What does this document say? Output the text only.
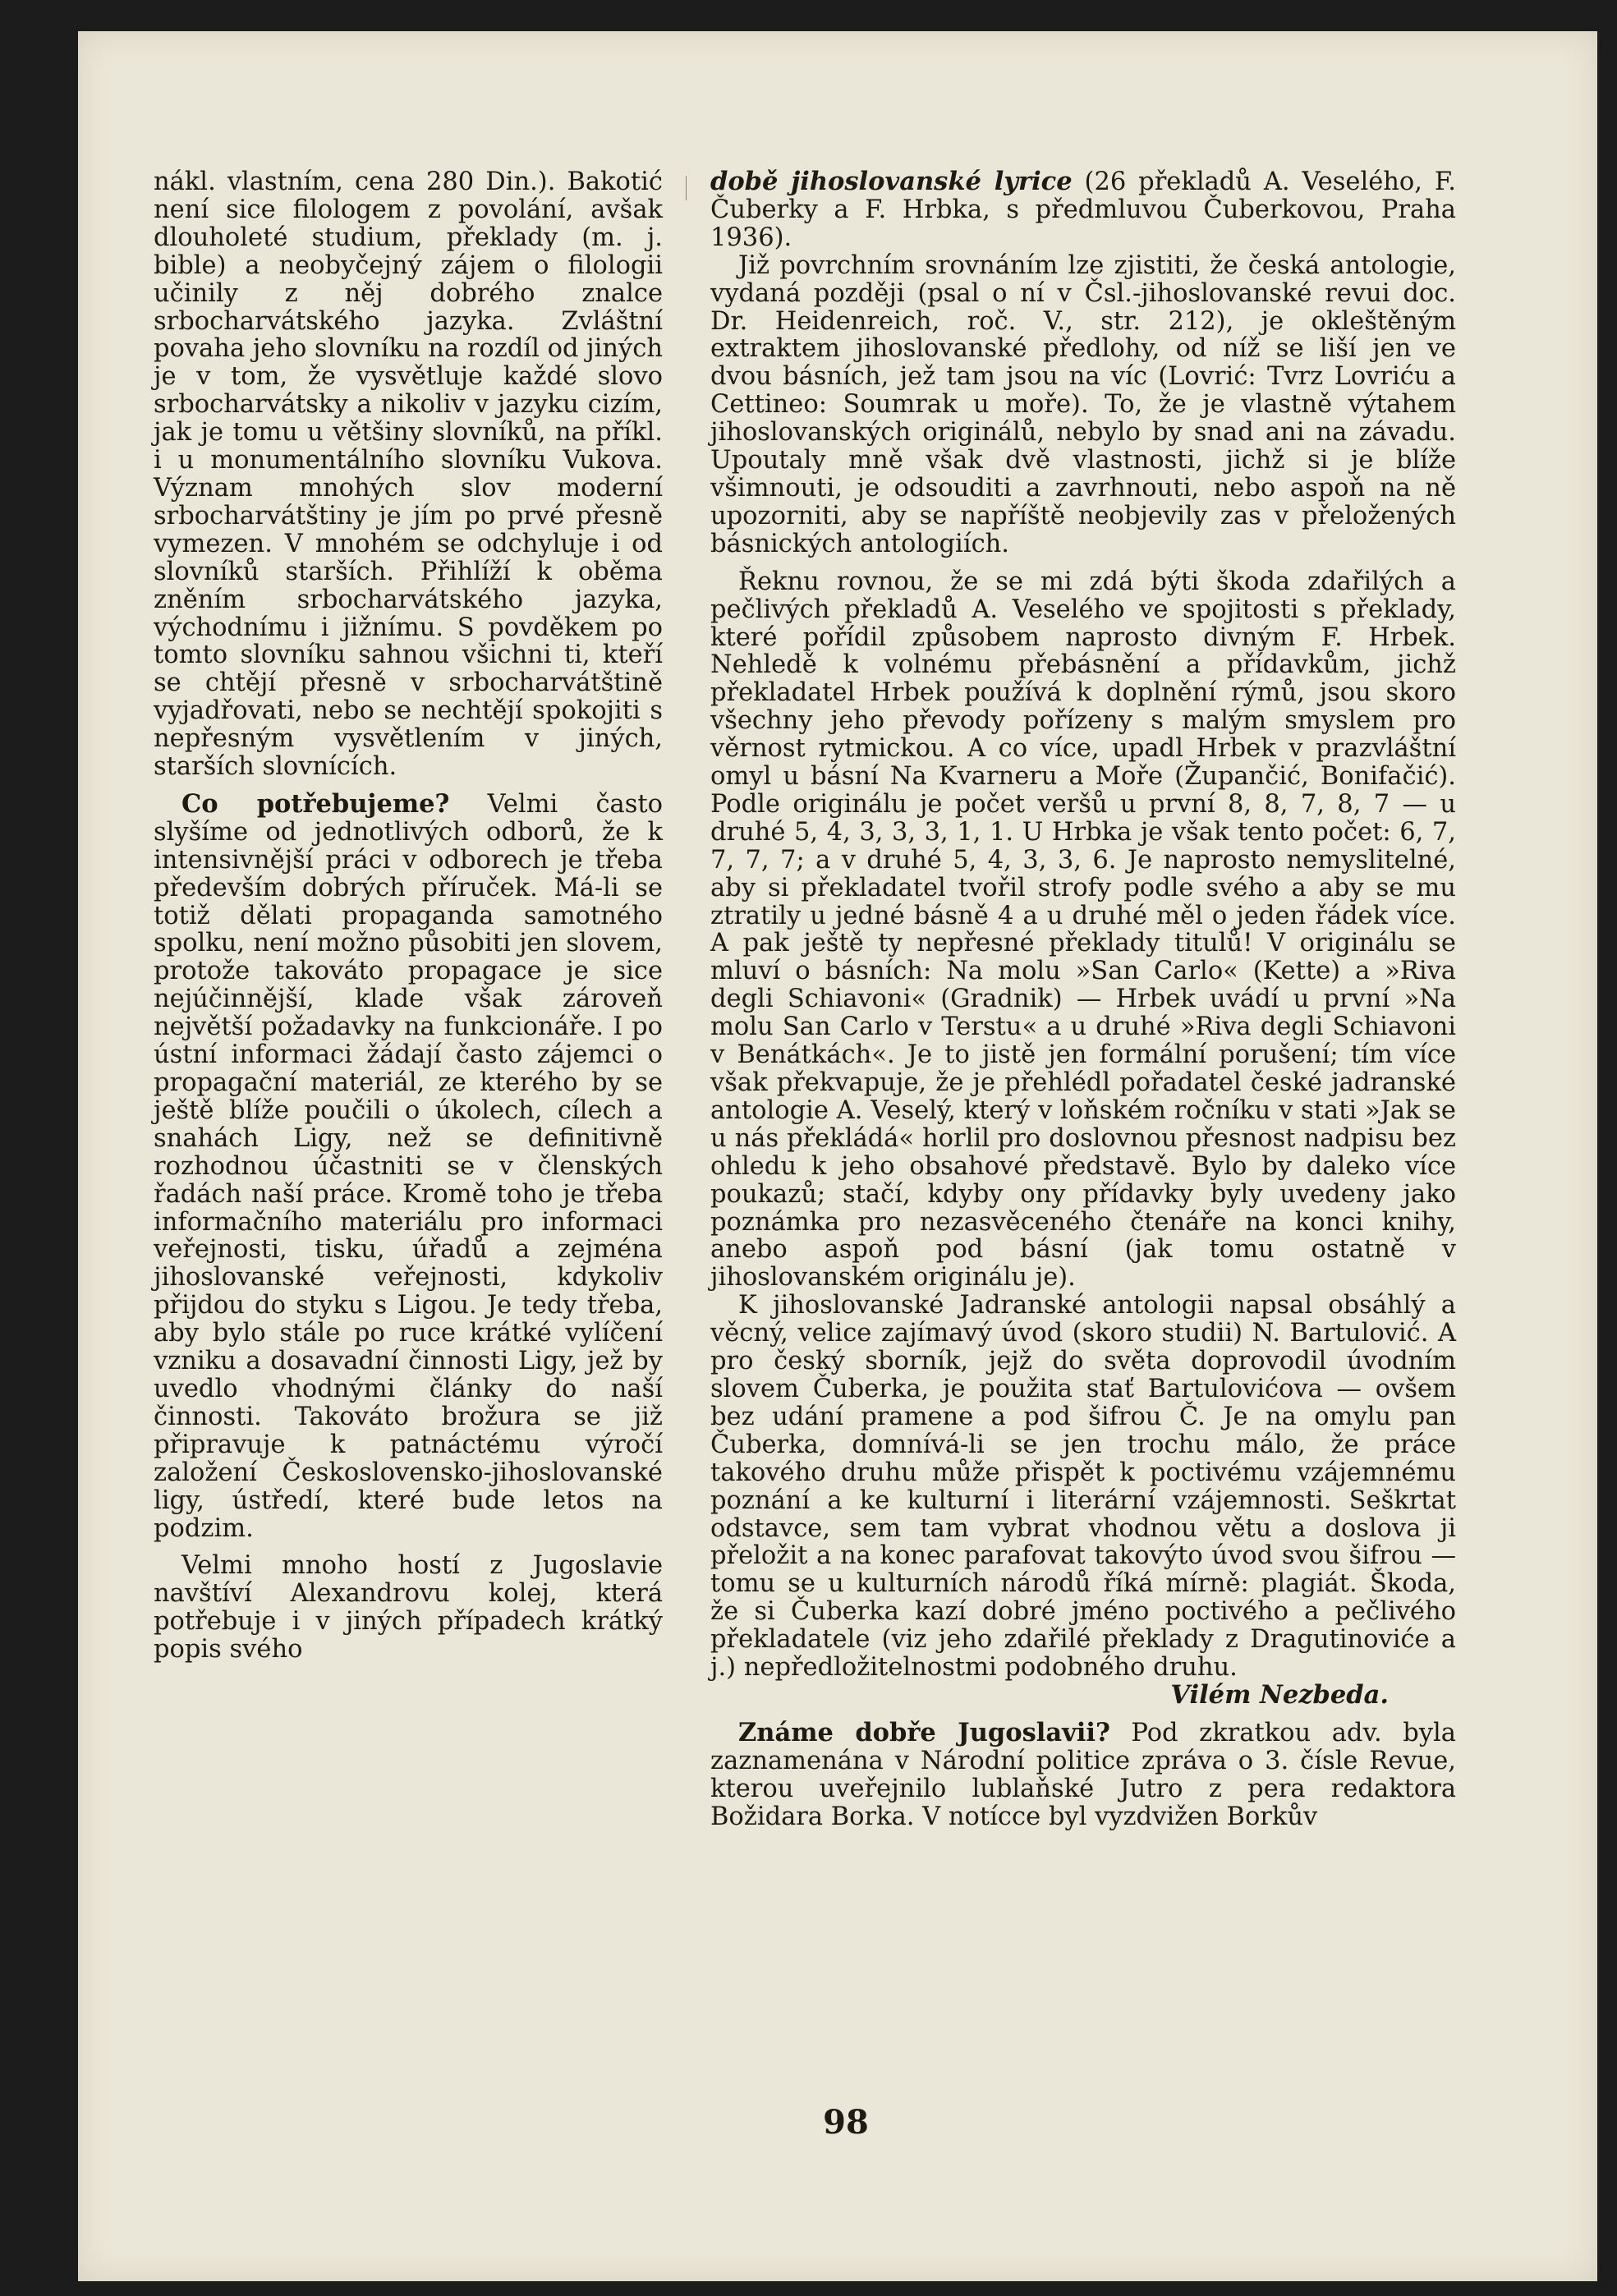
nákl. vlastním, cena 280 Din.). Bakotić není sice filologem z povolání, avšak dlouholeté studium, překlady (m. j. bible) a neobyčejný zájem o filologii učinily z něj dobrého znalce srbocharvátského jazyka. Zvláštní povaha jeho slovníku na rozdíl od jiných je v tom, že vysvětluje každé slovo srbocharvátsky a nikoliv v jazyku cizím, jak je tomu u většiny slovníků, na příkl. i u monumentálního slovníku Vukova. Význam mnohých slov moderní srbocharvátštiny je jím po prvé přesně vymezen. V mnohém se odchyluje i od slovníků starších. Přihlíží k oběma zněním srbocharvátského jazyka, východnímu i jižnímu. S povděkem po tomto slovníku sahnou všichni ti, kteří se chtějí přesně v srbocharvátštině vyjadřovati, nebo se nechtějí spokojiti s nepřesným vysvětlením v jiných, starších slovnících.

Co potřebujeme? Velmi často slyšíme od jednotlivých odborů, že k intensivnější práci v odborech je třeba především dobrých příruček. Má-li se totiž dělati propaganda samotného spolku, není možno působiti jen slovem, protože takováto propagace je sice nejúčinnější, klade však zároveň největší požadavky na funkcionáře. I po ústní informaci žádají často zájemci o propagační materiál, ze kterého by se ještě blíže poučili o úkolech, cílech a snahách Ligy, než se definitivně rozhodnou účastniti se v členských řadách naší práce. Kromě toho je třeba informačního materiálu pro informaci veřejnosti, tisku, úřadů a zejména jihoslovanské veřejnosti, kdykoliv přijdou do styku s Ligou. Je tedy třeba, aby bylo stále po ruce krátké vylíčení vzniku a dosavadní činnosti Ligy, jež by uvedlo vhodnými články do naší činnosti. Takováto brožura se již připravuje k patnáctému výročí založení Československo-jihoslovanské ligy, ústředí, které bude letos na podzim.

Velmi mnoho hostí z Jugoslavie navštíví Alexandrovu kolej, která potřebuje i v jiných případech krátký popis svého

době jihoslovanské lyrice (26 překladů A. Veselého, F. Čuberky a F. Hrbka, s předmluvou Čuberkovou, Praha 1936).

Již povrchním srovnáním lze zjistiti, že česká antologie, vydaná později (psal o ní v Čsl.-jihoslovanské revui doc. Dr. Heidenreich, roč. V., str. 212), je okleštěným extraktem jihoslovanské předlohy, od níž se liší jen ve dvou básních, jež tam jsou na víc (Lovrić: Tvrz Lovriću a Cettineo: Soumrak u moře). To, že je vlastně výtahem jihoslovanských originálů, nebylo by snad ani na závadu. Upoutaly mně však dvě vlastnosti, jichž si je blíže všimnouti, je odsouditi a zavrhnouti, nebo aspoň na ně upozorniti, aby se napříště neobjevily zas v přeložených básnických antologiích.

Řeknu rovnou, že se mi zdá býti škoda zdařilých a pečlivých překladů A. Veselého ve spojitosti s překlady, které pořídil způsobem naprosto divným F. Hrbek. Nehledě k volnému přebásnění a přídavkům, jichž překladatel Hrbek používá k doplnění rýmů, jsou skoro všechny jeho převody pořízeny s malým smyslem pro věrnost rytmickou. A co více, upadl Hrbek v prazvláštní omyl u básní Na Kvarneru a Moře (Župančić, Bonifačić). Podle originálu je počet veršů u první 8, 8, 7, 8, 7 — u druhé 5, 4, 3, 3, 3, 1, 1. U Hrbka je však tento počet: 6, 7, 7, 7, 7; a v druhé 5, 4, 3, 3, 6. Je naprosto nemyslitelné, aby si překladatel tvořil strofy podle svého a aby se mu ztratily u jedné básně 4 a u druhé měl o jeden řádek více. A pak ještě ty nepřesné překlady titulů! V originálu se mluví o básních: Na molu »San Carlo« (Kette) a »Riva degli Schiavoni« (Gradnik) — Hrbek uvádí u první »Na molu San Carlo v Terstu« a u druhé »Riva degli Schiavoni v Benátkách«. Je to jistě jen formální porušení; tím více však překvapuje, že je přehlédl pořadatel české jadranské antologie A. Veselý, který v loňském ročníku v stati »Jak se u nás překládá« horlil pro doslovnou přesnost nadpisu bez ohledu k jeho obsahové představě. Bylo by daleko více poukazů; stačí, kdyby ony přídavky byly uvedeny jako poznámka pro nezasvěceného čtenáře na konci knihy, anebo aspoň pod básní (jak tomu ostatně v jihoslovanském originálu je).

K jihoslovanské Jadranské antologii napsal obsáhlý a věcný, velice zajímavý úvod (skoro studii) N. Bartulović. A pro český sborník, jejž do světa doprovodil úvodním slovem Čuberka, je použita stať Bartulovićova — ovšem bez udání pramene a pod šifrou Č. Je na omylu pan Čuberka, domnívá-li se jen trochu málo, že práce takového druhu může přispět k poctivému vzájemnému poznání a ke kulturní i literární vzájemnosti. Seškrtat odstavce, sem tam vybrat vhodnou větu a doslova ji přeložit a na konec parafovat takovýto úvod svou šifrou — tomu se u kulturních národů říká mírně: plagiát. Škoda, že si Čuberka kazí dobré jméno poctivého a pečlivého překladatele (viz jeho zdařilé překlady z Dragutinoviće a j.) nepředložitelnostmi podobného druhu.

Vilém Nezbeda.

Známe dobře Jugoslavii? Pod zkratkou adv. byla zaznamenána v Národní politice zpráva o 3. čísle Revue, kterou uveřejnilo lublaňské Jutro z pera redaktora Božidara Borka. V notícce byl vyzdvižen Borkův

98
